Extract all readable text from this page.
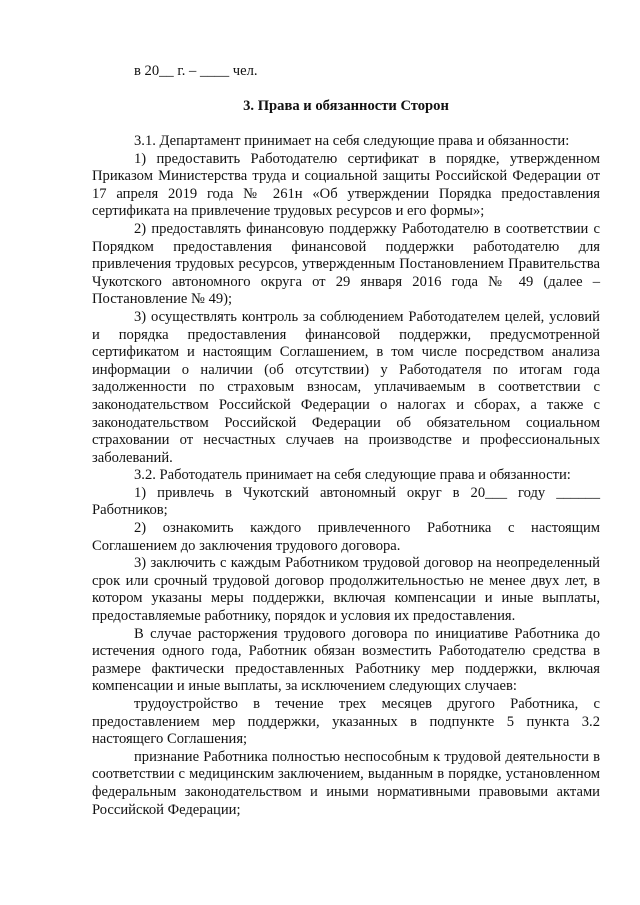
в 20__ г. – ____ чел.
3. Права и обязанности Сторон

3.1. Департамент принимает на себя следующие права и обязанности:

1) предоставить Работодателю сертификат в порядке, утвержденном Приказом Министерства труда и социальной защиты Российской Федерации от 17 апреля 2019 года № 261н «Об утверждении Порядка предоставления сертификата на привлечение трудовых ресурсов и его формы»;

2) предоставлять финансовую поддержку Работодателю в соответствии с Порядком предоставления финансовой поддержки работодателю для привлечения трудовых ресурсов, утвержденным Постановлением Правительства Чукотского автономного округа от 29 января 2016 года № 49 (далее – Постановление № 49);

3) осуществлять контроль за соблюдением Работодателем целей, условий и порядка предоставления финансовой поддержки, предусмотренной сертификатом и настоящим Соглашением, в том числе посредством анализа информации о наличии (об отсутствии) у Работодателя по итогам года задолженности по страховым взносам, уплачиваемым в соответствии с законодательством Российской Федерации о налогах и сборах, а также с законодательством Российской Федерации об обязательном социальном страховании от несчастных случаев на производстве и профессиональных заболеваний.

3.2. Работодатель принимает на себя следующие права и обязанности:

1) привлечь в Чукотский автономный округ в 20___ году ______ Работников;

2) ознакомить каждого привлеченного Работника с настоящим Соглашением до заключения трудового договора.

3) заключить с каждым Работником трудовой договор на неопределенный срок или срочный трудовой договор продолжительностью не менее двух лет, в котором указаны меры поддержки, включая компенсации и иные выплаты, предоставляемые работнику, порядок и условия их предоставления.

В случае расторжения трудового договора по инициативе Работника до истечения одного года, Работник обязан возместить Работодателю средства в размере фактически предоставленных Работнику мер поддержки, включая компенсации и иные выплаты, за исключением следующих случаев:

трудоустройство в течение трех месяцев другого Работника, с предоставлением мер поддержки, указанных в подпункте 5 пункта 3.2 настоящего Соглашения;

признание Работника полностью неспособным к трудовой деятельности в соответствии с медицинским заключением, выданным в порядке, установленном федеральным законодательством и иными нормативными правовыми актами Российской Федерации;
